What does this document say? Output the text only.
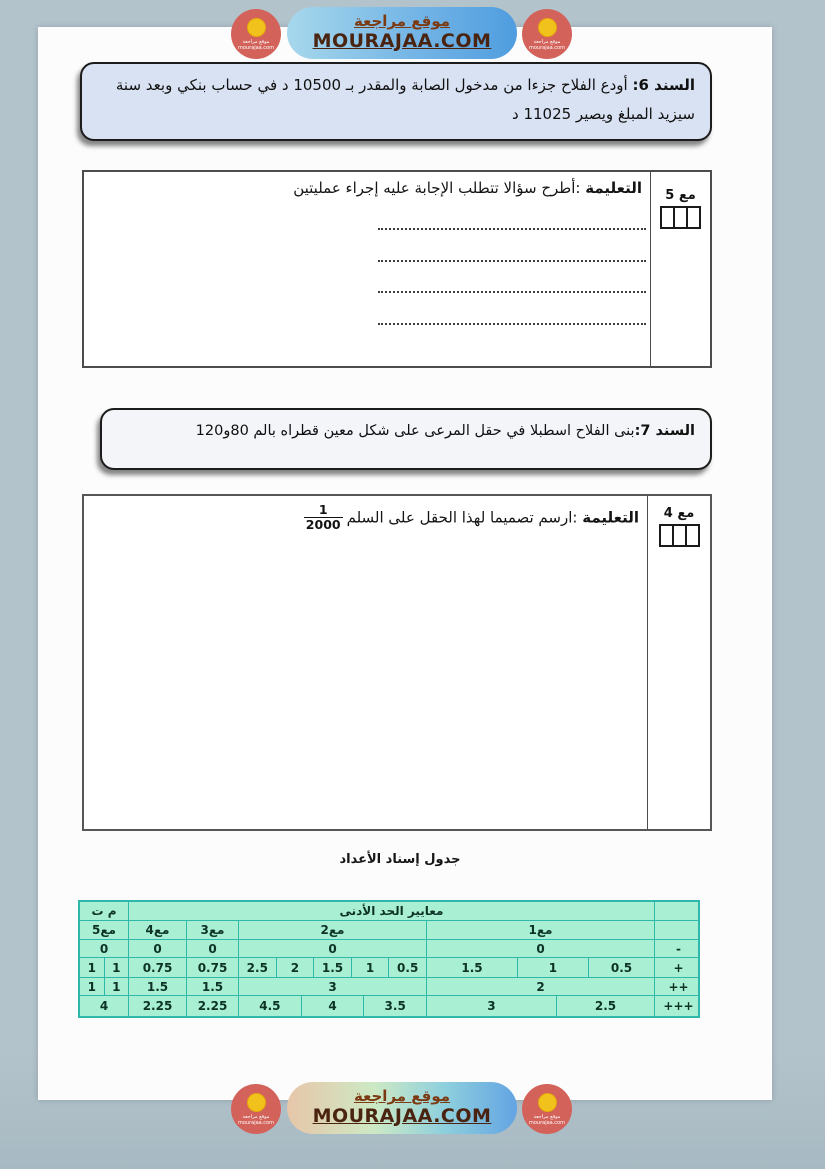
موقع مراجعة
mourajaa.com
موقع مراجعة
MOURAJAA.COM	موقع مراجعة
mourajaa.com
السند 6: أودع الفلاح جزءا من مدخول الصابة والمقدر بـ 10500 د في حساب بنكي وبعد سنة سيزيد المبلغ ويصير 11025 د
مع 5
التعليمة :أطرح سؤالا تتطلب الإجابة عليه إجراء عمليتين
السند 7:بنى الفلاح اسطبلا في حقل المرعى على شكل معين قطراه بالم 80و120
مع 4
التعليمة :ارسم تصميما لهذا الحقل على السلم
$\frac{1}{2000}$
جدول إسناد الأعداد
م ت	معايير الحد الأدنى
مع5	مع4	مع3	مع2	مع1
0	0	0	0	0	-
1	1	0.75	0.75	2.5	2	1.5	1	0.5	1.5	1	0.5	+
1	1	1.5	1.5	3	2	++
4	2.25	2.25	4.5	4	3.5	3	2.5	+++
موقع مراجعة
mourajaa.com
موقع مراجعة
MOURAJAA.COM	موقع مراجعة
mourajaa.com
